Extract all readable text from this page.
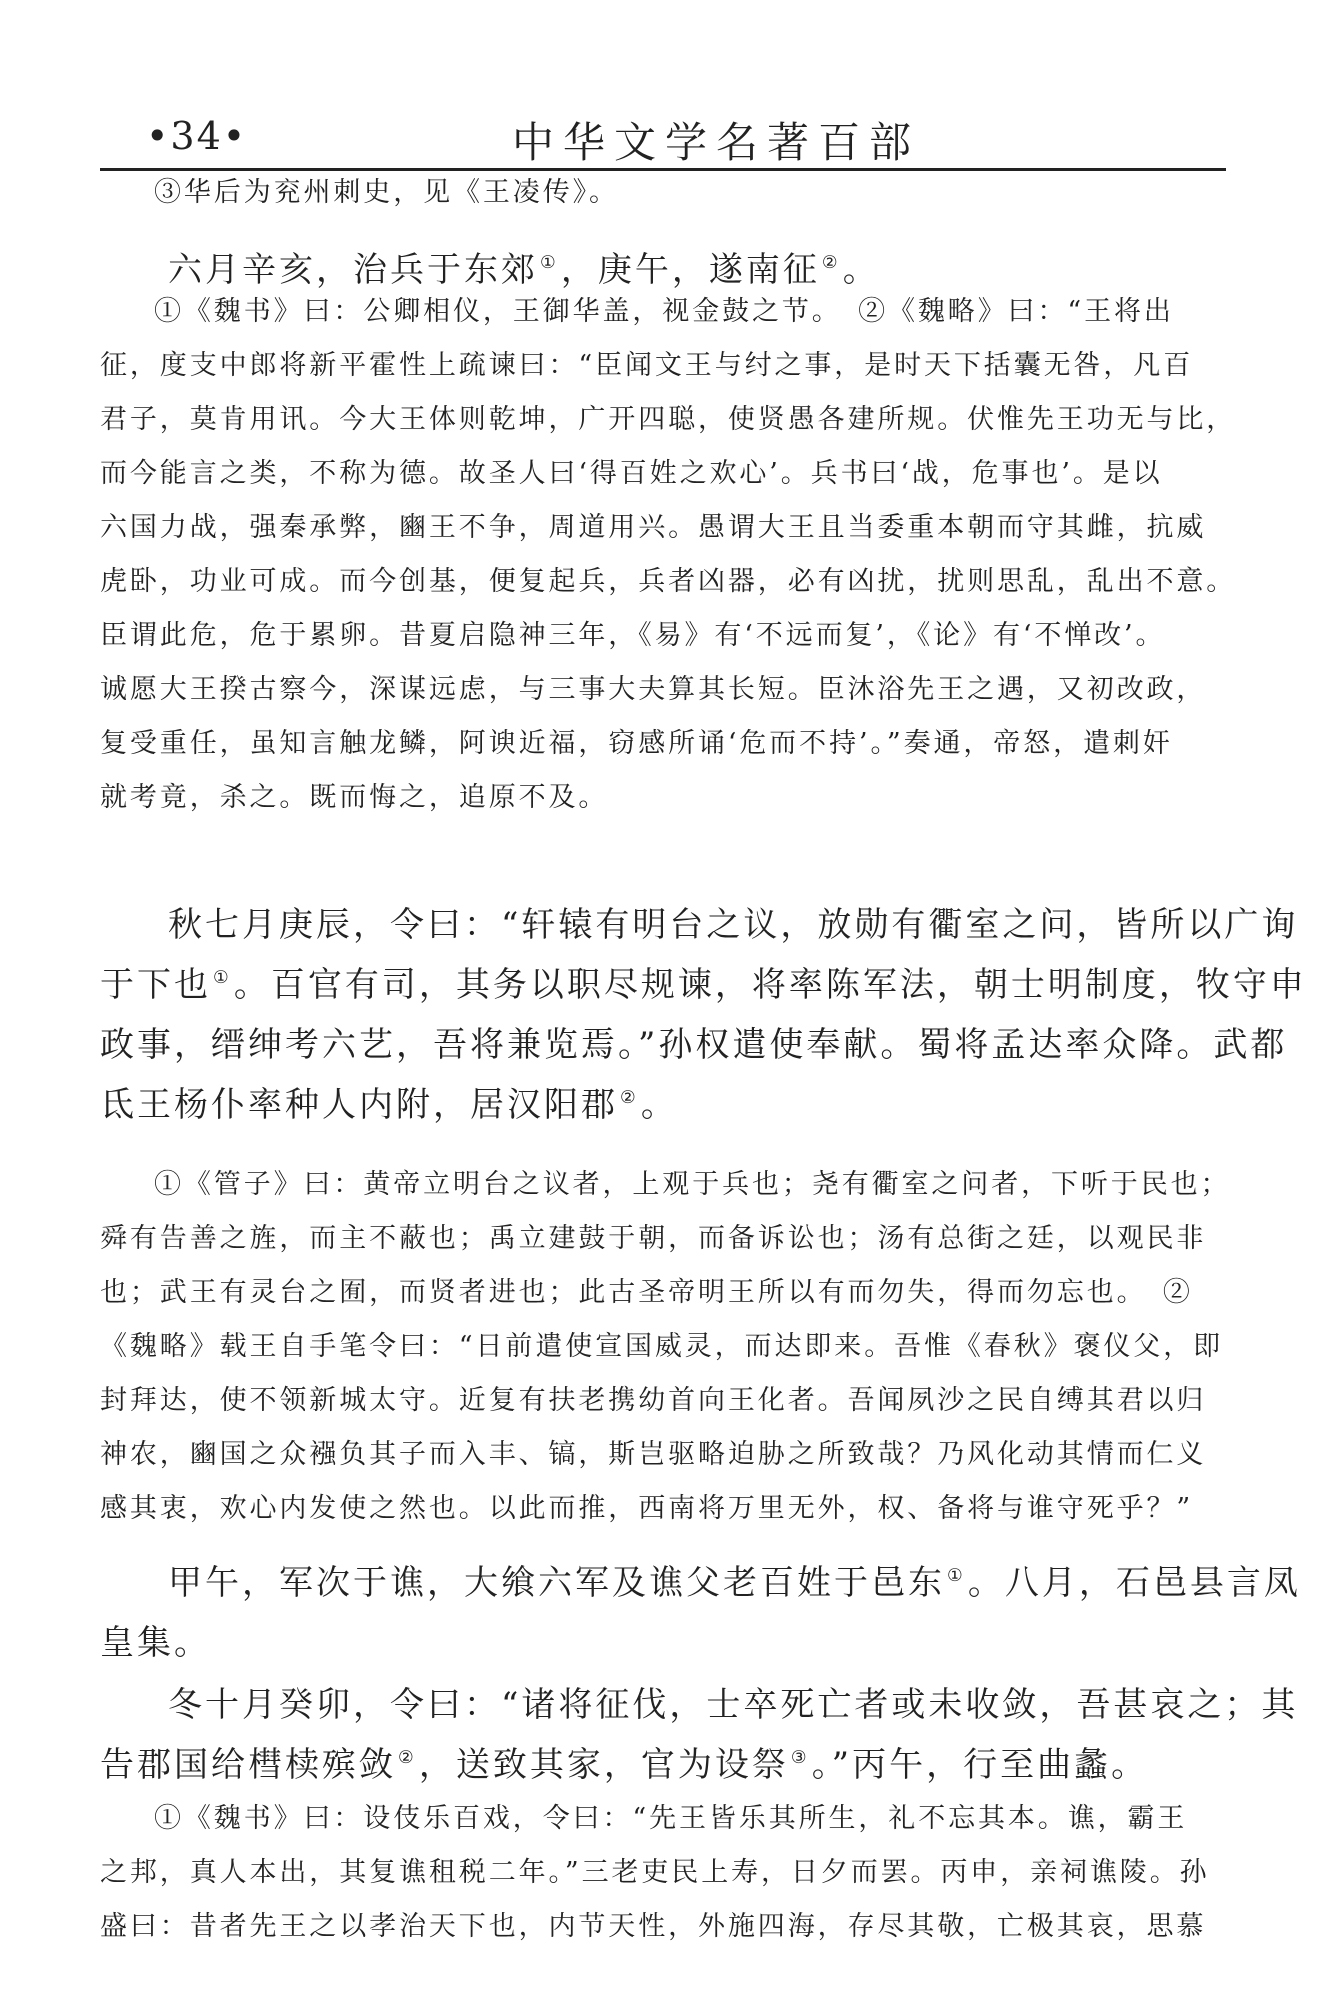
•34•	中华文学名著百部
③华后为兖州刺史，见《王凌传》。
六月辛亥，治兵于东郊 ①，庚午，遂南征 ②。
①《魏书》曰：公卿相仪，王御华盖，视金鼓之节。　②《魏略》曰：“王将出
征，度支中郎将新平霍性上疏谏曰：“臣闻文王与纣之事，是时天下括囊无咎，凡百
君子，莫肯用讯。今大王体则乾坤，广开四聪，使贤愚各建所规。伏惟先王功无与比，
而今能言之类，不称为德。故圣人曰‘得百姓之欢心’。兵书曰‘战，危事也’。是以
六国力战，强秦承弊，豳王不争，周道用兴。愚谓大王且当委重本朝而守其雌，抗威
虎卧，功业可成。而今创基，便复起兵，兵者凶器，必有凶扰，扰则思乱，乱出不意。
臣谓此危，危于累卵。昔夏启隐神三年，《易》有‘不远而复’，《论》有‘不惮改’。
诚愿大王揆古察今，深谋远虑，与三事大夫算其长短。臣沐浴先王之遇，又初改政，
复受重任，虽知言触龙鳞，阿谀近福，窃感所诵‘危而不持’。”奏通，帝怒，遣刺奸
就考竟，杀之。既而悔之，追原不及。
秋七月庚辰，令曰：“轩辕有明台之议，放勋有衢室之问，皆所以广询
于下也 ①。百官有司，其务以职尽规谏，将率陈军法，朝士明制度，牧守申
政事，缙绅考六艺，吾将兼览焉。”孙权遣使奉献。蜀将孟达率众降。武都
氐王杨仆率种人内附，居汉阳郡 ②。
①《管子》曰：黄帝立明台之议者，上观于兵也；尧有衢室之问者，下听于民也；
舜有告善之旌，而主不蔽也；禹立建鼓于朝，而备诉讼也；汤有总街之廷，以观民非
也；武王有灵台之囿，而贤者进也；此古圣帝明王所以有而勿失，得而勿忘也。　②
《魏略》载王自手笔令曰：“日前遣使宣国威灵，而达即来。吾惟《春秋》褒仪父，即
封拜达，使不领新城太守。近复有扶老携幼首向王化者。吾闻夙沙之民自缚其君以归
神农，豳国之众襁负其子而入丰、镐，斯岂驱略迫胁之所致哉？乃风化动其情而仁义
感其衷，欢心内发使之然也。以此而推，西南将万里无外，权、备将与谁守死乎？”
甲午，军次于谯，大飨六军及谯父老百姓于邑东 ①。八月，石邑县言凤
皇集。
冬十月癸卯，令曰：“诸将征伐，士卒死亡者或未收敛，吾甚哀之；其
告郡国给槥椟殡敛 ②，送致其家，官为设祭 ③。”丙午，行至曲蠡。
①《魏书》曰：设伎乐百戏，令曰：“先王皆乐其所生，礼不忘其本。谯，霸王
之邦，真人本出，其复谯租税二年。”三老吏民上寿，日夕而罢。丙申，亲祠谯陵。孙
盛曰：昔者先王之以孝治天下也，内节天性，外施四海，存尽其敬，亡极其哀，思慕
